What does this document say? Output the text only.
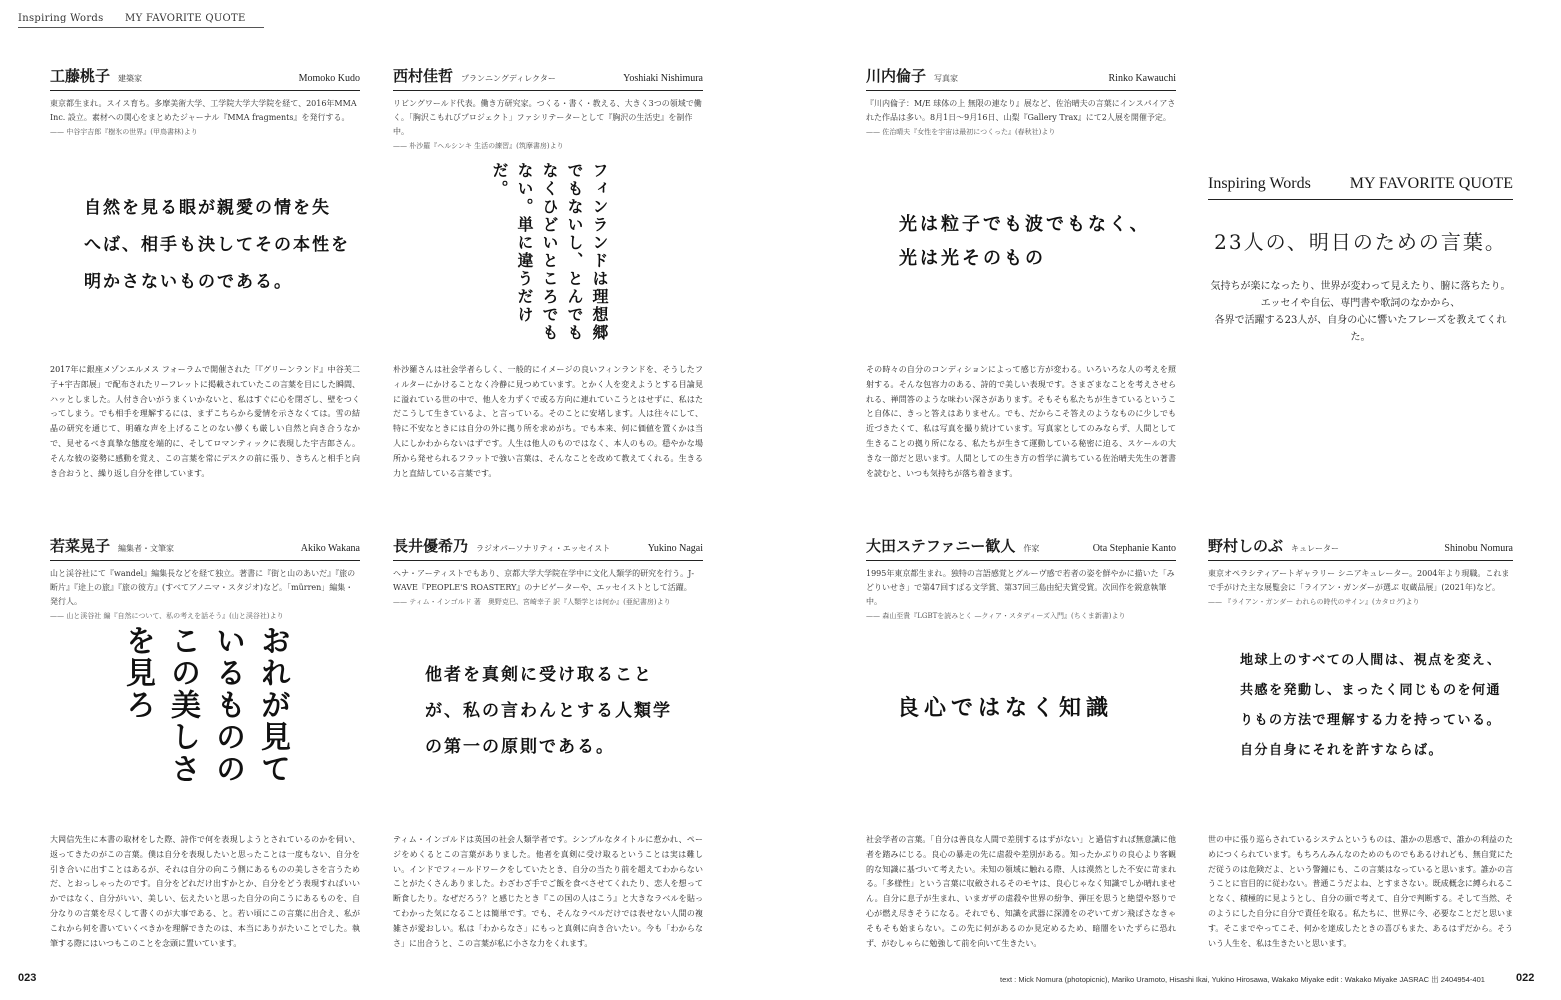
Inspiring Words MY FAVORITE QUOTE
工藤桃子 建築家	Momoko Kudo
東京都生まれ。スイス育ち。多摩美術大学、工学院大学大学院を経て、2016年MMA Inc. 設立。素材への関心をまとめたジャーナル『MMA fragments』を発行する。
—— 中谷宇吉郎『樹氷の世界』(甲鳥書林)より
西村佳哲 プランニングディレクター	Yoshiaki Nishimura
リビングワールド代表。働き方研究家。つくる・書く・教える、大きく3つの領域で働く。「胸沢こもれびプロジェクト」ファシリテーターとして『胸沢の生活史』を制作中。
—— 朴沙羅『ヘルシンキ 生活の練習』(筑摩書房)より
川内倫子 写真家	Rinko Kawauchi
『川内倫子：M/E 球体の上 無限の連なり』展など、佐治晴夫の言葉にインスパイアされた作品は多い。8月1日〜9月16日、山梨『Gallery Trax』にて2人展を開催予定。
—— 佐治晴夫『女性を宇宙は最初につくった』(春秋社)より
若菜晃子 編集者・文筆家	Akiko Wakana
山と渓谷社にて『wandel』編集長などを経て独立。著書に『街と山のあいだ』『旅の断片』『途上の旅』『旅の彼方』(すべてアノニマ・スタジオ)など。「mürren」編集・発行人。
—— 山と渓谷社 編『自然について、私の考えを話そう』(山と渓谷社)より
長井優希乃 ラジオパーソナリティ・エッセイスト	Yukino Nagai
ヘナ・アーティストでもあり、京都大学大学院在学中に文化人類学的研究を行う。J-WAVE『PEOPLE'S ROASTERY』のナビゲーターや、エッセイストとして活躍。
—— ティム・インゴルド 著　奥野克巳、宮崎幸子 訳『人類学とは何か』(亜紀書房)より
大田ステファニー歓人 作家	Ota Stephanie Kanto
1995年東京都生まれ。独特の言語感覚とグルーヴ感で若者の姿を鮮やかに描いた「みどりいせき」で第47回すばる文学賞、第37回三島由紀夫賞受賞。次回作を鋭意執筆中。
—— 森山至貴『LGBTを読みとく —クィア・スタディーズ入門』(ちくま新書)より
野村しのぶ キュレーター	Shinobu Nomura
東京オペラシティアートギャラリー シニアキュレーター。2004年より現職。これまで手がけた主な展覧会に「ライアン・ガンダーが選ぶ 収蔵品展」(2021年)など。
—— 『ライアン・ガンダー われらの時代のサイン』(カタログ)より
自然を見る眼が親愛の情を失
へば、相手も決してその本性を
明かさないものである。	フィンランドは理想郷
でもないし、とんでも
なくひどいところでも
ない。単に違うだけだ。
光は粒子でも波でもなく、
光は光そのもの
おれが見て
いるものの
この美しさ
を見ろ	他者を真剣に受け取ること
が、私の言わんとする人類学
の第一の原則である。
良心ではなく知識
地球上のすべての人間は、視点を変え、
共感を発動し、まったく同じものを何通
りもの方法で理解する力を持っている。
自分自身にそれを許すならば。
2017年に銀座メゾンエルメス フォーラムで開催された「『グリーンランド』中谷芙二子+宇吉郎展」で配布されたリーフレットに掲載されていたこの言葉を目にした瞬間、ハッとしました。人付き合いがうまくいかないと、私はすぐに心を閉ざし、壁をつくってしまう。でも相手を理解するには、まずこちらから愛情を示さなくては。雪の結晶の研究を通じて、明確な声を上げることのない儚くも厳しい自然と向き合うなかで、見せるべき真摯な態度を端的に、そしてロマンティックに表現した宇吉郎さん。そんな彼の姿勢に感動を覚え、この言葉を常にデスクの前に張り、きちんと相手と向き合おうと、繰り返し自分を律しています。
朴沙羅さんは社会学者らしく、一般的にイメージの良いフィンランドを、そうしたフィルターにかけることなく冷静に見つめています。とかく人を変えようとする目論見に溢れている世の中で、他人を力ずくで或る方向に連れていこうとはせずに、私はただこうして生きているよ、と言っている。そのことに安堵します。人は往々にして、特に不安なときには自分の外に拠り所を求めがち。でも本来、何に価値を置くかは当人にしかわからないはずです。人生は他人のものではなく、本人のもの。穏やかな場所から発せられるフラットで強い言葉は、そんなことを改めて教えてくれる。生きる力と直結している言葉です。
その時々の自分のコンディションによって感じ方が変わる。いろいろな人の考えを照射する。そんな包容力のある、詩的で美しい表現です。さまざまなことを考えさせられる、禅問答のような味わい深さがあります。そもそも私たちが生きているということ自体に、きっと答えはありません。でも、だからこそ答えのようなものに少しでも近づきたくて、私は写真を撮り続けています。写真家としてのみならず、人間として生きることの拠り所になる、私たちが生きて運動している秘密に迫る、スケールの大きな一節だと思います。人間としての生き方の哲学に満ちている佐治晴夫先生の著書を読むと、いつも気持ちが落ち着きます。
大岡信先生に本書の取材をした際、詩作で何を表現しようとされているのかを伺い、返ってきたのがこの言葉。僕は自分を表現したいと思ったことは一度もない、自分を引き合いに出すことはあるが、それは自分の向こう側にあるものの美しさを言うためだ、とおっしゃったのです。自分をどれだけ出すかとか、自分をどう表現すればいいかではなく、自分がいい、美しい、伝えたいと思った自分の向こうにあるものを、自分なりの言葉を尽くして書くのが大事である、と。若い頃にこの言葉に出合え、私がこれから何を書いていくべきかを理解できたのは、本当にありがたいことでした。執筆する際にはいつもこのことを念頭に置いています。
ティム・インゴルドは英国の社会人類学者です。シンプルなタイトルに惹かれ、ページをめくるとこの言葉がありました。他者を真剣に受け取るということは実は難しい。インドでフィールドワークをしていたとき、自分の当たり前を超えてわからないことがたくさんありました。わざわざ手でご飯を食べさせてくれたり、恋人を想って断食したり。なぜだろう？と感じたとき『この国の人はこう』と大きなラベルを貼ってわかった気になることは簡単です。でも、そんなラベルだけでは表せない人間の複雑さが愛おしい。私は「わからなさ」にもっと真剣に向き合いたい。今も「わからなさ」に出合うと、この言葉が私に小さな力をくれます。
社会学者の言葉。「自分は善良な人間で差別するはずがない」と過信すれば無意識に他者を踏みにじる。良心の暴走の先に虐殺や差別がある。知ったかぶりの良心より客観的な知識に基づいて考えたい。未知の領域に触れる際、人は漠然とした不安に苛まれる。「多様性」という言葉に収斂されるそのモヤは、良心じゃなく知識でしか晴れません。自分に息子が生まれ、いまガザの虐殺や世界の紛争、弾圧を思うと絶望や怒りで心が燃え尽きそうになる。それでも、知識を武器に深淵をのぞいてガン飛ばさなきゃそもそも始まらない。この先に何があるのか見定めるため、暗闇をいたずらに恐れず、がむしゃらに勉強して前を向いて生きたい。
世の中に張り巡らされているシステムというものは、誰かの思惑で、誰かの利益のためにつくられています。もちろんみんなのためのものでもあるけれども、無自覚にただ従うのは危険だよ、という警鐘にも、この言葉はなっていると思います。誰かの言うことに盲目的に従わない。普通こうだよね、とすまさない。既成概念に縛られることなく、積極的に見ようとし、自分の頭で考えて、自分で判断する。そして当然、そのようにした自分に自分で責任を取る。私たちに、世界に今、必要なことだと思います。そこまでやってこそ、何かを達成したときの喜びもまた、あるはずだから。そういう人生を、私は生きたいと思います。
Inspiring Words MY FAVORITE QUOTE
23人の、明日のための言葉。
気持ちが楽になったり、世界が変わって見えたり、腑に落ちたり。
エッセイや自伝、専門書や歌詞のなかから、
各界で活躍する23人が、自身の心に響いたフレーズを教えてくれた。
023	text : Mick Nomura (photopicnic), Mariko Uramoto, Hisashi Ikai, Yukino Hirosawa, Wakako Miyake edit : Wakako Miyake JASRAC 出 2404954-401	022
